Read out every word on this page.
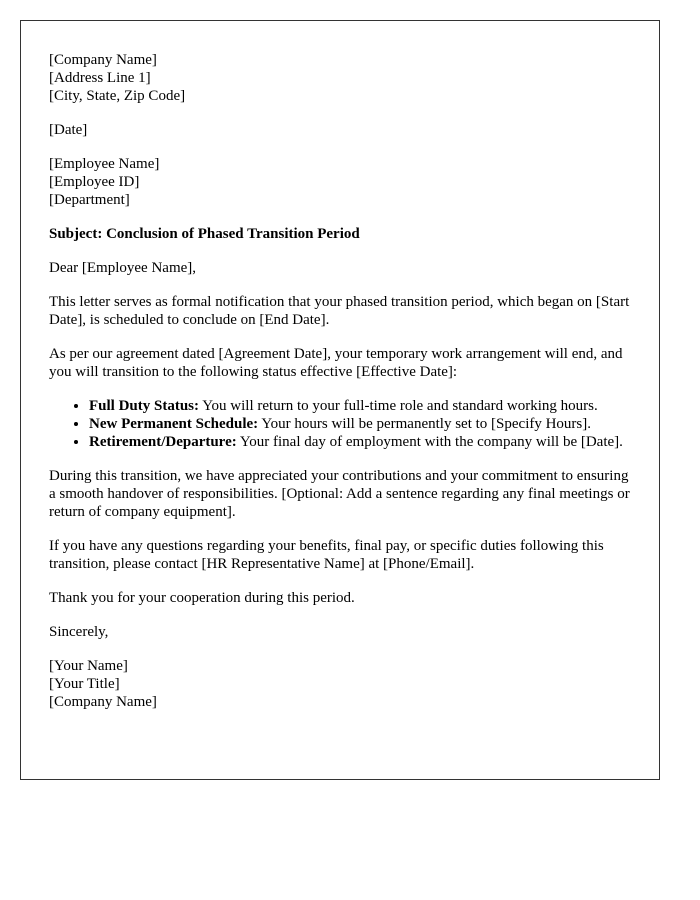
[Company Name]
[Address Line 1]
[City, State, Zip Code]
[Date]
[Employee Name]
[Employee ID]
[Department]
Subject: Conclusion of Phased Transition Period

Dear [Employee Name],

This letter serves as formal notification that your phased transition period, which began on [Start Date], is scheduled to conclude on [End Date].

As per our agreement dated [Agreement Date], your temporary work arrangement will end, and you will transition to the following status effective [Effective Date]:

• Full Duty Status: You will return to your full-time role and standard working hours.
• New Permanent Schedule: Your hours will be permanently set to [Specify Hours].
• Retirement/Departure: Your final day of employment with the company will be [Date].

During this transition, we have appreciated your contributions and your commitment to ensuring a smooth handover of responsibilities. [Optional: Add a sentence regarding any final meetings or return of company equipment].

If you have any questions regarding your benefits, final pay, or specific duties following this transition, please contact [HR Representative Name] at [Phone/Email].

Thank you for your cooperation during this period.

Sincerely,

[Your Name]
[Your Title]
[Company Name]
